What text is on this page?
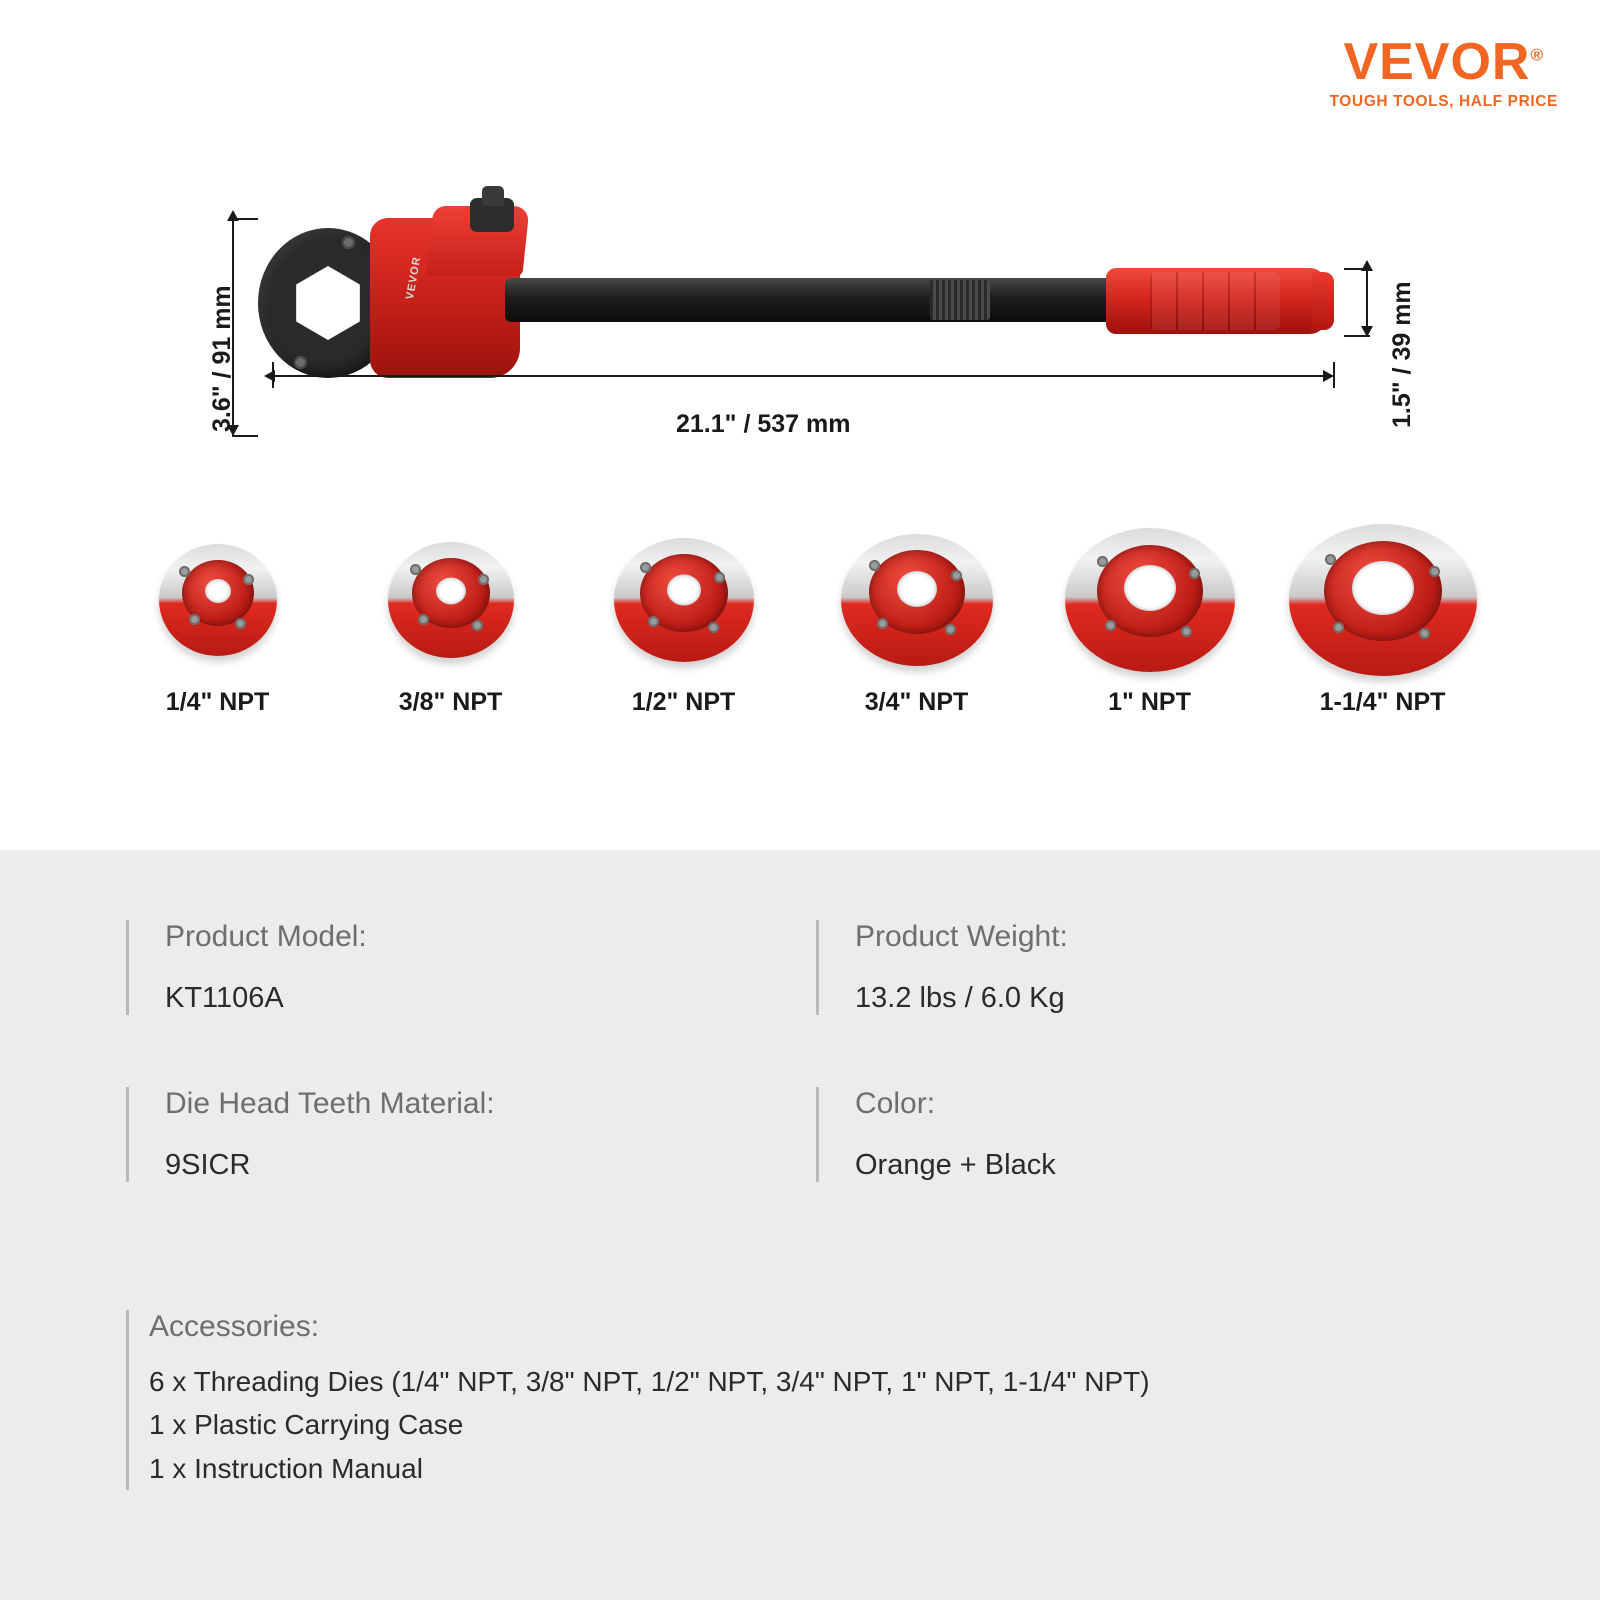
VEVOR®
TOUGH TOOLS, HALF PRICE
VEVOR
3.6" / 91 mm	21.1" / 537 mm	1.5" / 39 mm
1/4" NPT	3/8" NPT	1/2" NPT	3/4" NPT	1" NPT	1-1/4" NPT
Product Model:
KT1106A
Product Weight:
13.2 lbs / 6.0 Kg
Die Head Teeth Material:
9SICR
Color:
Orange + Black
Accessories:
6 x Threading Dies (1/4" NPT, 3/8" NPT, 1/2" NPT, 3/4" NPT, 1" NPT, 1-1/4" NPT)
1 x Plastic Carrying Case
1 x Instruction Manual
